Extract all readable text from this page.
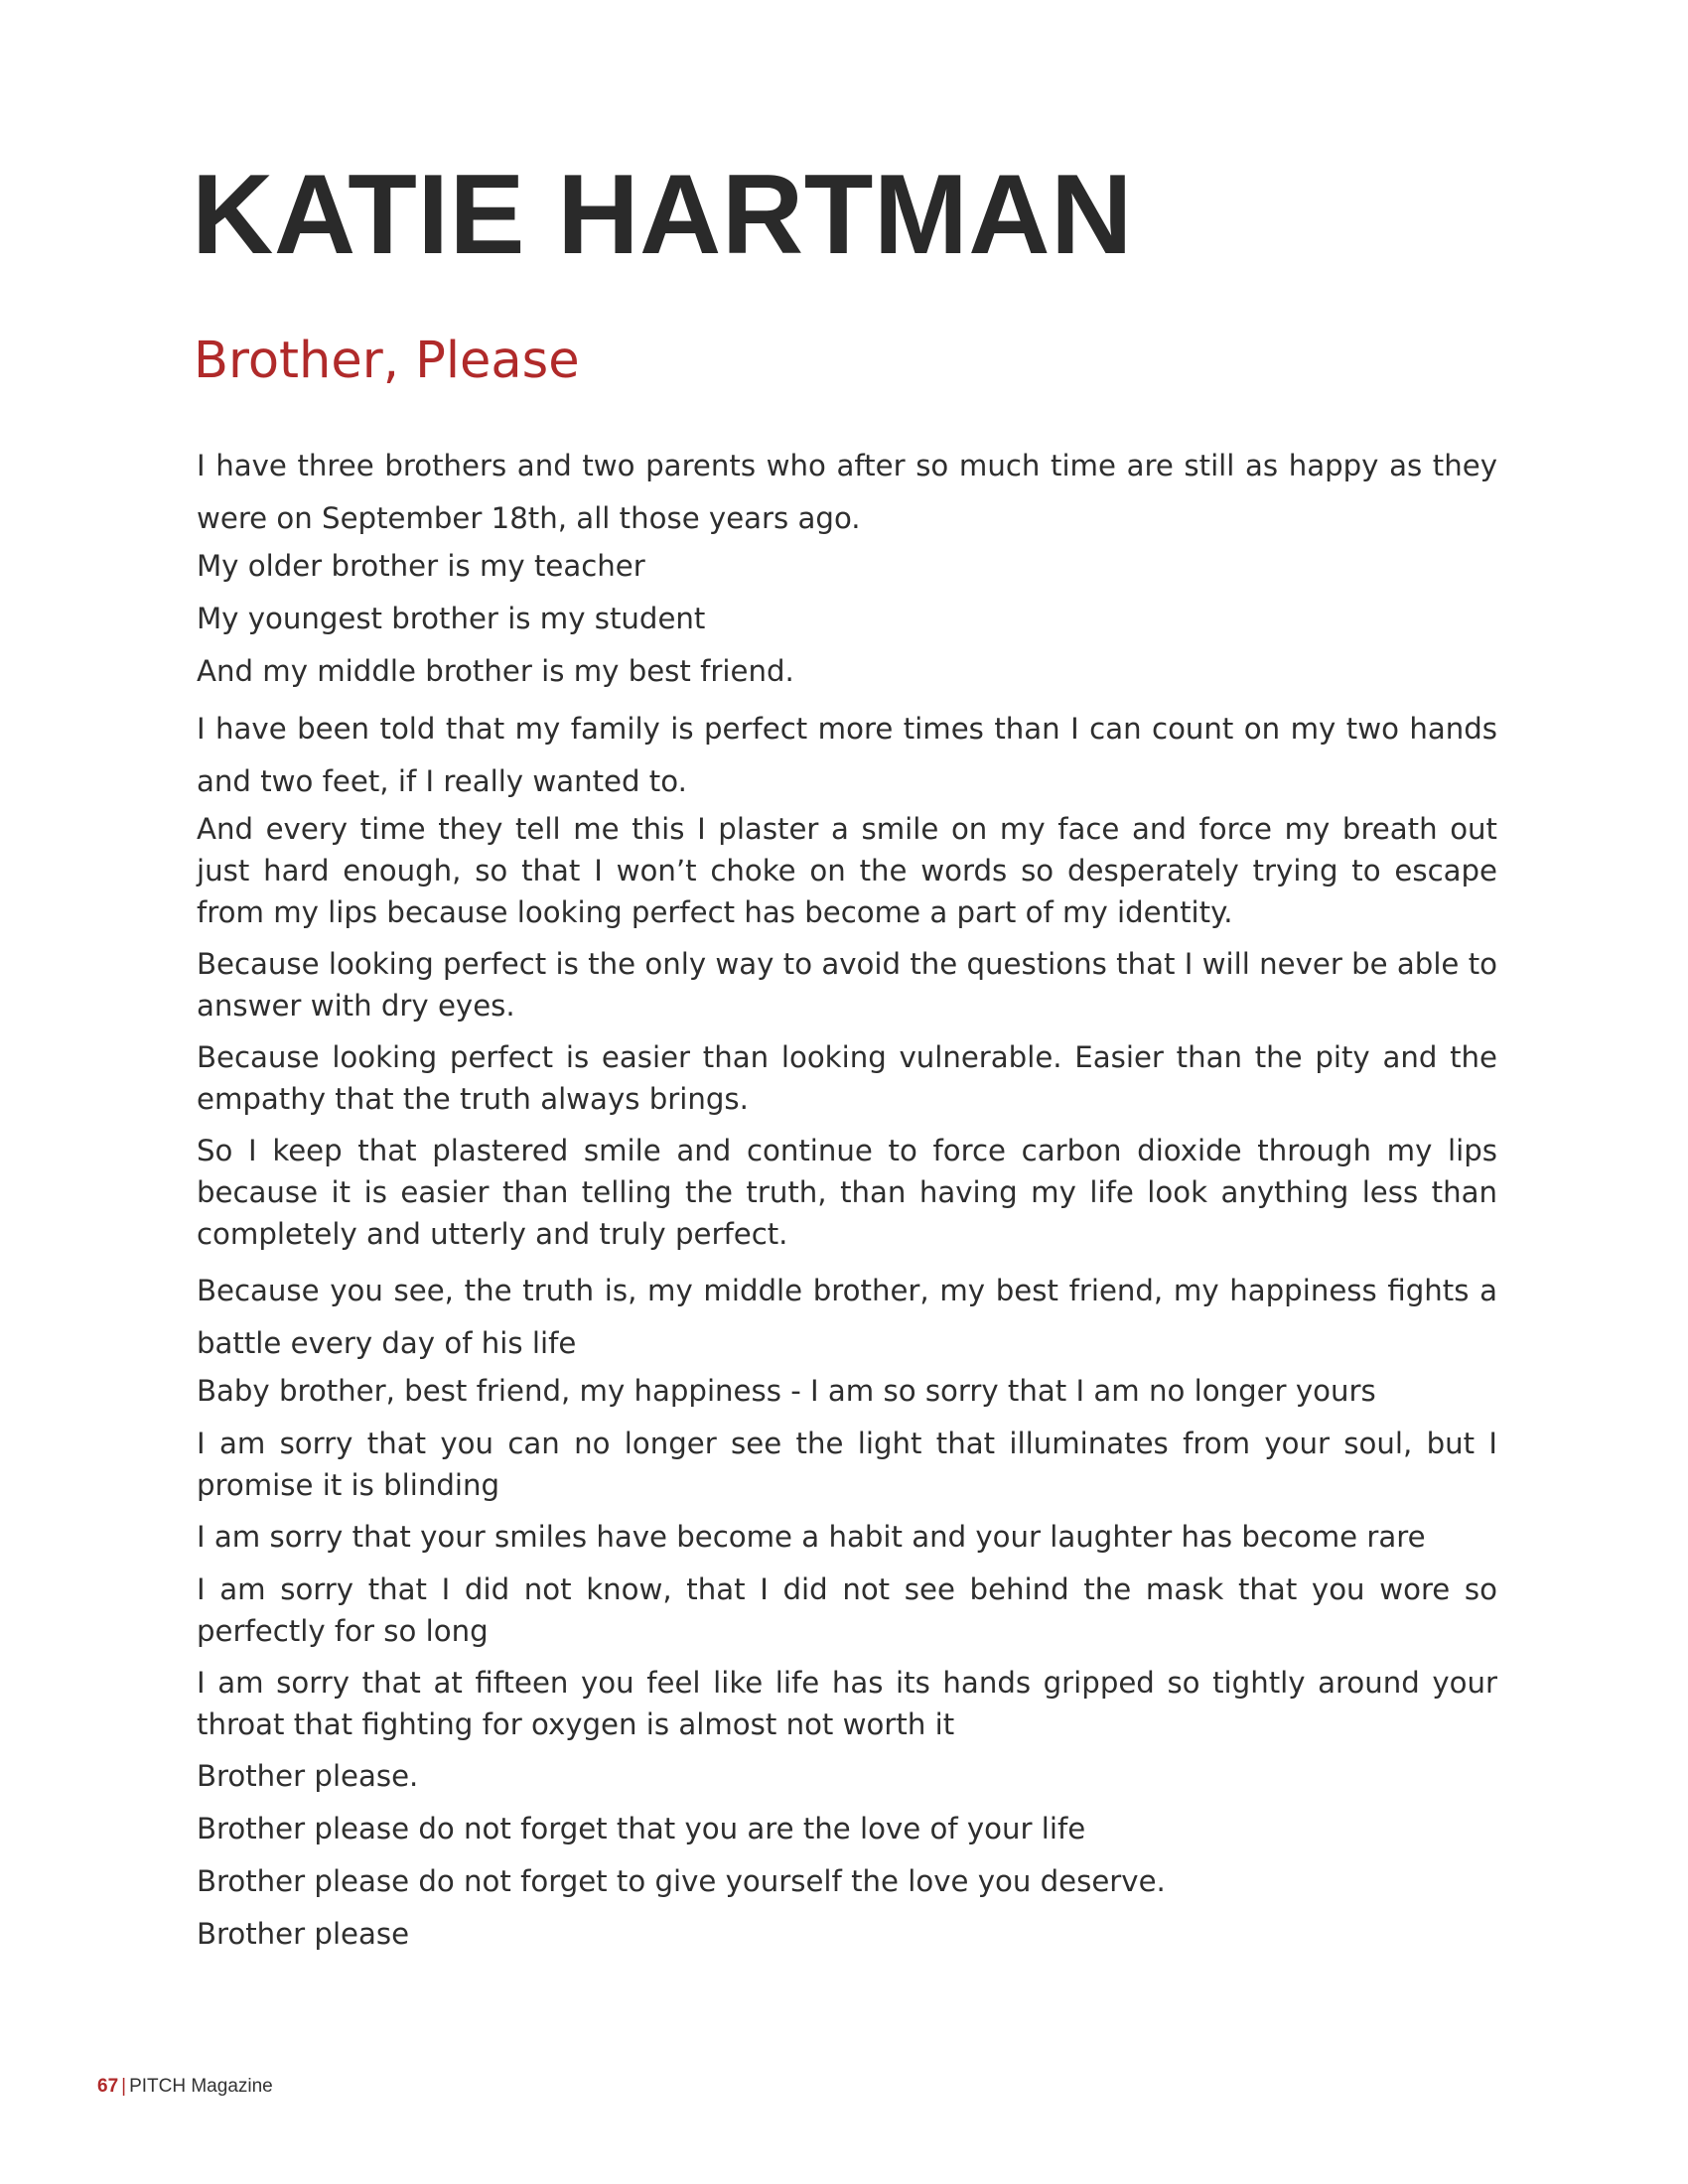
KATIE HARTMAN
Brother, Please
I have three brothers and two parents who after so much time are still as happy as they were on September 18th, all those years ago.
My older brother is my teacher
My youngest brother is my student
And my middle brother is my best friend.
I have been told that my family is perfect more times than I can count on my two hands and two feet, if I really wanted to.
And every time they tell me this I plaster a smile on my face and force my breath out just hard enough, so that I won’t choke on the words so desperately trying to escape from my lips because looking perfect has become a part of my identity.
Because looking perfect is the only way to avoid the questions that I will never be able to answer with dry eyes.
Because looking perfect is easier than looking vulnerable. Easier than the pity and the empathy that the truth always brings.
So I keep that plastered smile and continue to force carbon dioxide through my lips because it is easier than telling the truth, than having my life look anything less than completely and utterly and truly perfect.
Because you see, the truth is, my middle brother, my best friend, my happiness fights a battle every day of his life
Baby brother, best friend, my happiness - I am so sorry that I am no longer yours
I am sorry that you can no longer see the light that illuminates from your soul, but I promise it is blinding
I am sorry that your smiles have become a habit and your laughter has become rare
I am sorry that I did not know, that I did not see behind the mask that you wore so perfectly for so long
I am sorry that at fifteen you feel like life has its hands gripped so tightly around your throat that fighting for oxygen is almost not worth it
Brother please.
Brother please do not forget that you are the love of your life
Brother please do not forget to give yourself the love you deserve.
Brother please
67 | PITCH Magazine
